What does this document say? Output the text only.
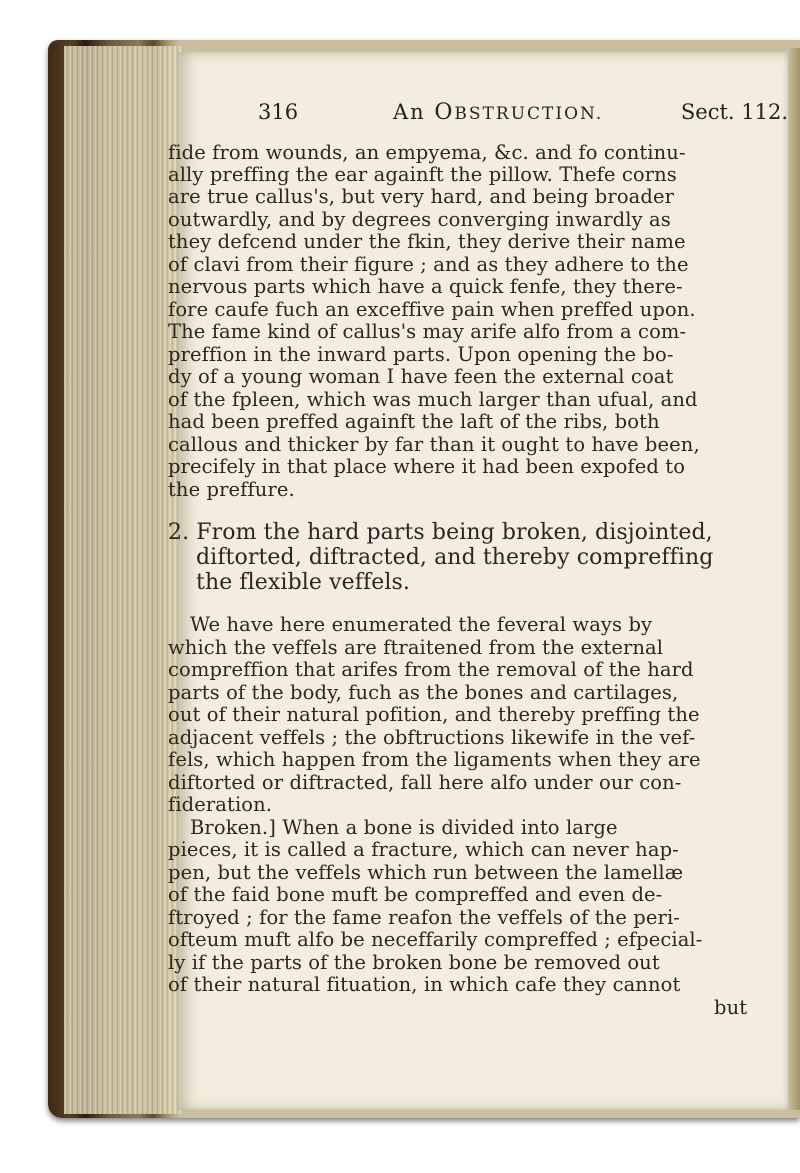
316	An OBSTRUCTION.	Sect. 112.
fide from wounds, an empyema, &c. and fo continu-
ally preffing the ear againft the pillow. Thefe corns
are true callus's, but very hard, and being broader
outwardly, and by degrees converging inwardly as
they defcend under the fkin, they derive their name
of clavi from their figure ; and as they adhere to the
nervous parts which have a quick fenfe, they there-
fore caufe fuch an exceffive pain when preffed upon.
The fame kind of callus's may arife alfo from a com-
preffion in the inward parts. Upon opening the bo-
dy of a young woman I have feen the external coat
of the fpleen, which was much larger than ufual, and
had been preffed againft the laft of the ribs, both
callous and thicker by far than it ought to have been,
precifely in that place where it had been expofed to
the preffure.
2. From the hard parts being broken, disjointed,
diftorted, diftracted, and thereby compreffing
the flexible veffels.
We have here enumerated the feveral ways by
which the veffels are ftraitened from the external
compreffion that arifes from the removal of the hard
parts of the body, fuch as the bones and cartilages,
out of their natural pofition, and thereby preffing the
adjacent veffels ; the obftructions likewife in the vef-
fels, which happen from the ligaments when they are
diftorted or diftracted, fall here alfo under our con-
fideration.
Broken.] When a bone is divided into large
pieces, it is called a fracture, which can never hap-
pen, but the veffels which run between the lamellæ
of the faid bone muft be compreffed and even de-
ftroyed ; for the fame reafon the veffels of the peri-
ofteum muft alfo be neceffarily compreffed ; efpecial-
ly if the parts of the broken bone be removed out
of their natural fituation, in which cafe they cannot
but
